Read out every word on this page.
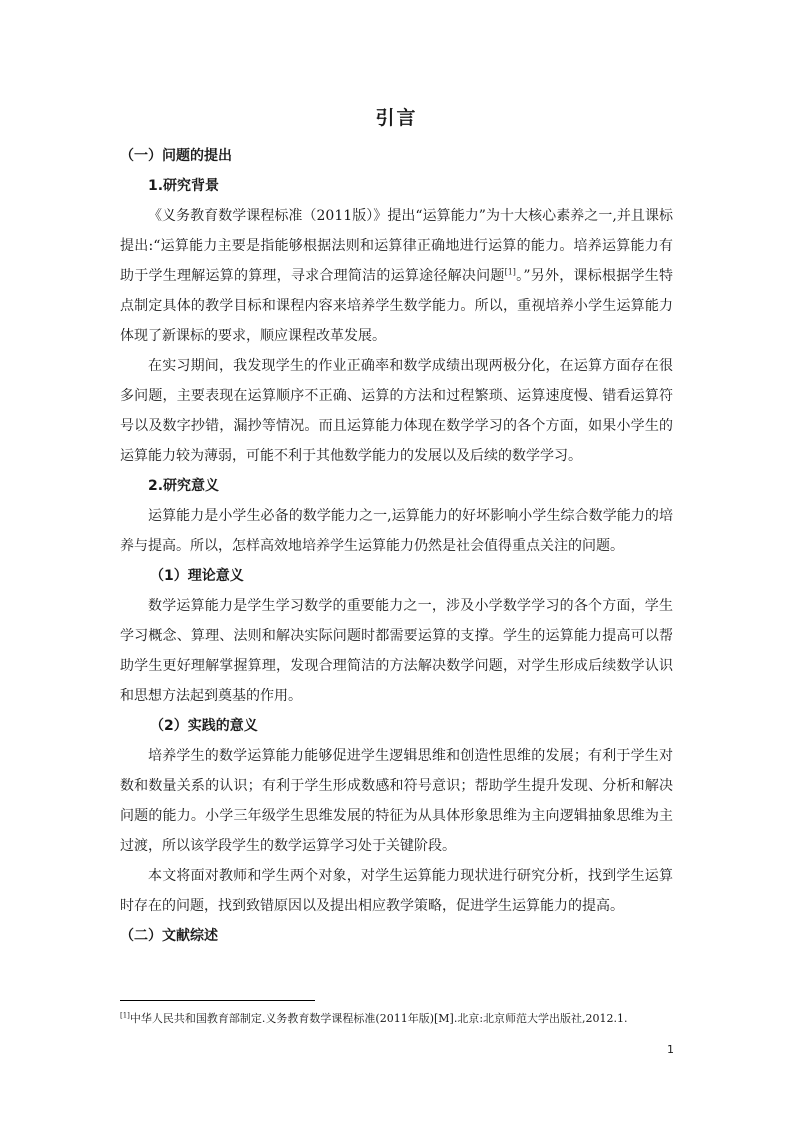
引言
（一）问题的提出
1.研究背景

《义务教育数学课程标准（2011版）》提出“运算能力”为十大核心素养之一,并且课标提出:“运算能力主要是指能够根据法则和运算律正确地进行运算的能力。培养运算能力有助于学生理解运算的算理，寻求合理简洁的运算途径解决问题[1]。”另外，课标根据学生特点制定具体的教学目标和课程内容来培养学生数学能力。所以，重视培养小学生运算能力体现了新课标的要求，顺应课程改革发展。

在实习期间，我发现学生的作业正确率和数学成绩出现两极分化，在运算方面存在很多问题，主要表现在运算顺序不正确、运算的方法和过程繁琐、运算速度慢、错看运算符号以及数字抄错，漏抄等情况。而且运算能力体现在数学学习的各个方面，如果小学生的运算能力较为薄弱，可能不利于其他数学能力的发展以及后续的数学学习。

2.研究意义

运算能力是小学生必备的数学能力之一,运算能力的好坏影响小学生综合数学能力的培养与提高。所以，怎样高效地培养学生运算能力仍然是社会值得重点关注的问题。

（1）理论意义

数学运算能力是学生学习数学的重要能力之一，涉及小学数学学习的各个方面，学生学习概念、算理、法则和解决实际问题时都需要运算的支撑。学生的运算能力提高可以帮助学生更好理解掌握算理，发现合理简洁的方法解决数学问题，对学生形成后续数学认识和思想方法起到奠基的作用。

（2）实践的意义

培养学生的数学运算能力能够促进学生逻辑思维和创造性思维的发展；有利于学生对数和数量关系的认识；有利于学生形成数感和符号意识；帮助学生提升发现、分析和解决问题的能力。小学三年级学生思维发展的特征为从具体形象思维为主向逻辑抽象思维为主过渡，所以该学段学生的数学运算学习处于关键阶段。

本文将面对教师和学生两个对象，对学生运算能力现状进行研究分析，找到学生运算时存在的问题，找到致错原因以及提出相应教学策略，促进学生运算能力的提高。

（二）文献综述
[1]中华人民共和国教育部制定.义务教育数学课程标准(2011年版)[M].北京:北京师范大学出版社,2012.1.
1
